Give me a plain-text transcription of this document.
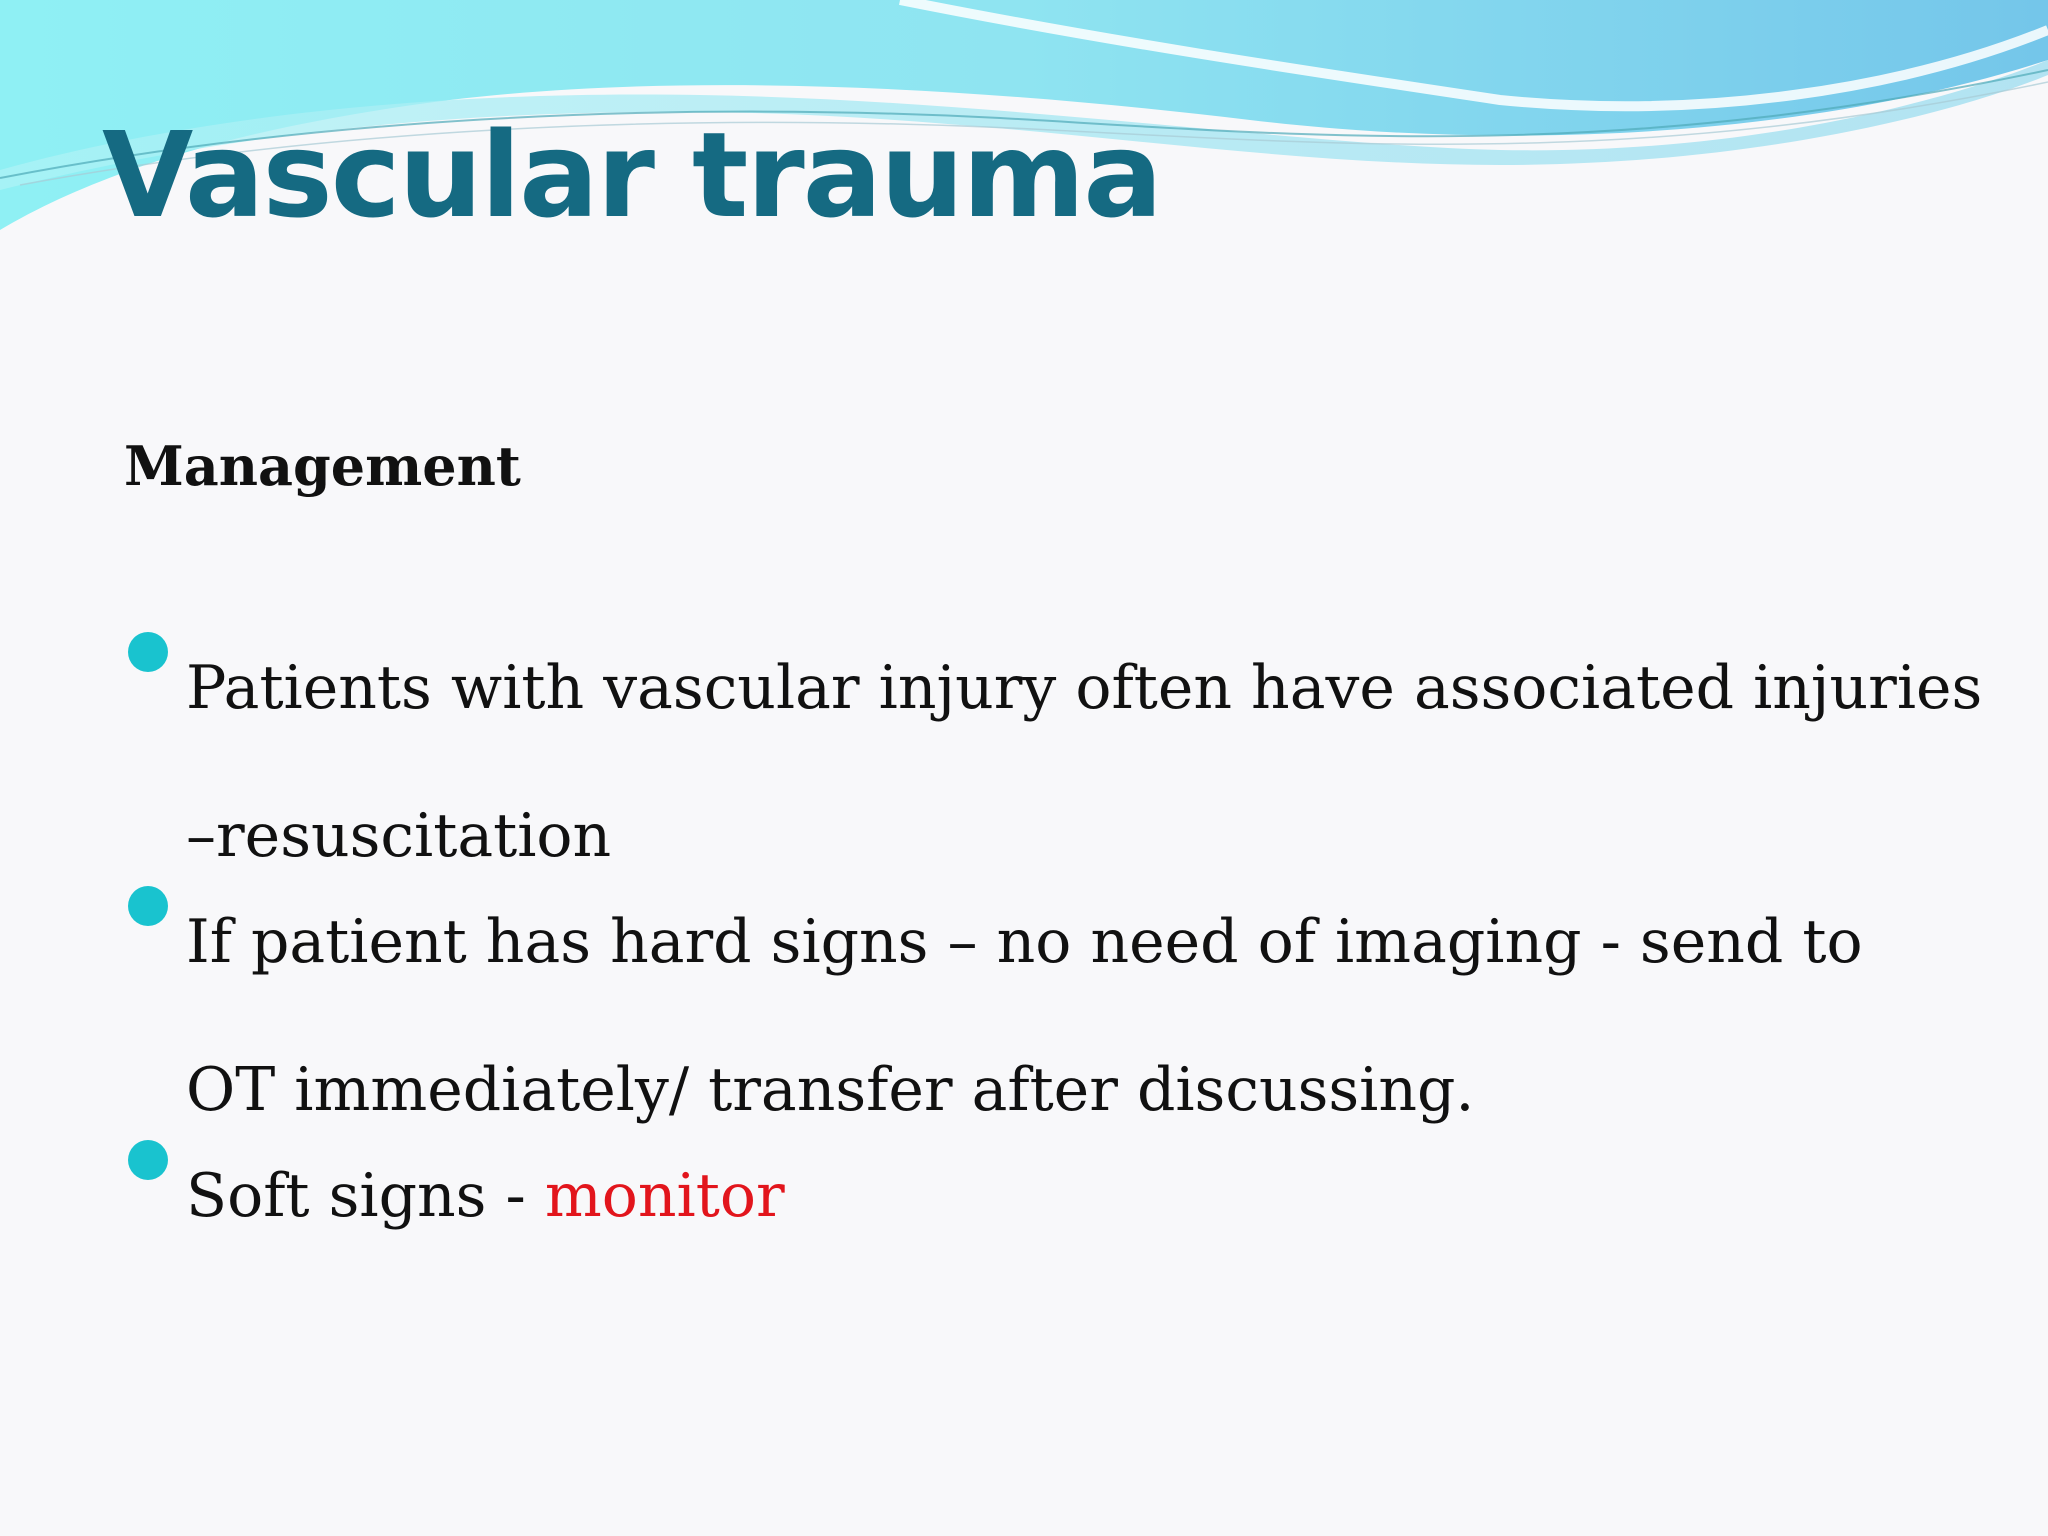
Vascular trauma
Management
Patients with vascular injury often have associated injuries
–resuscitation
If patient has hard signs – no need of imaging - send to
OT immediately/ transfer after discussing.
Soft signs - monitor
